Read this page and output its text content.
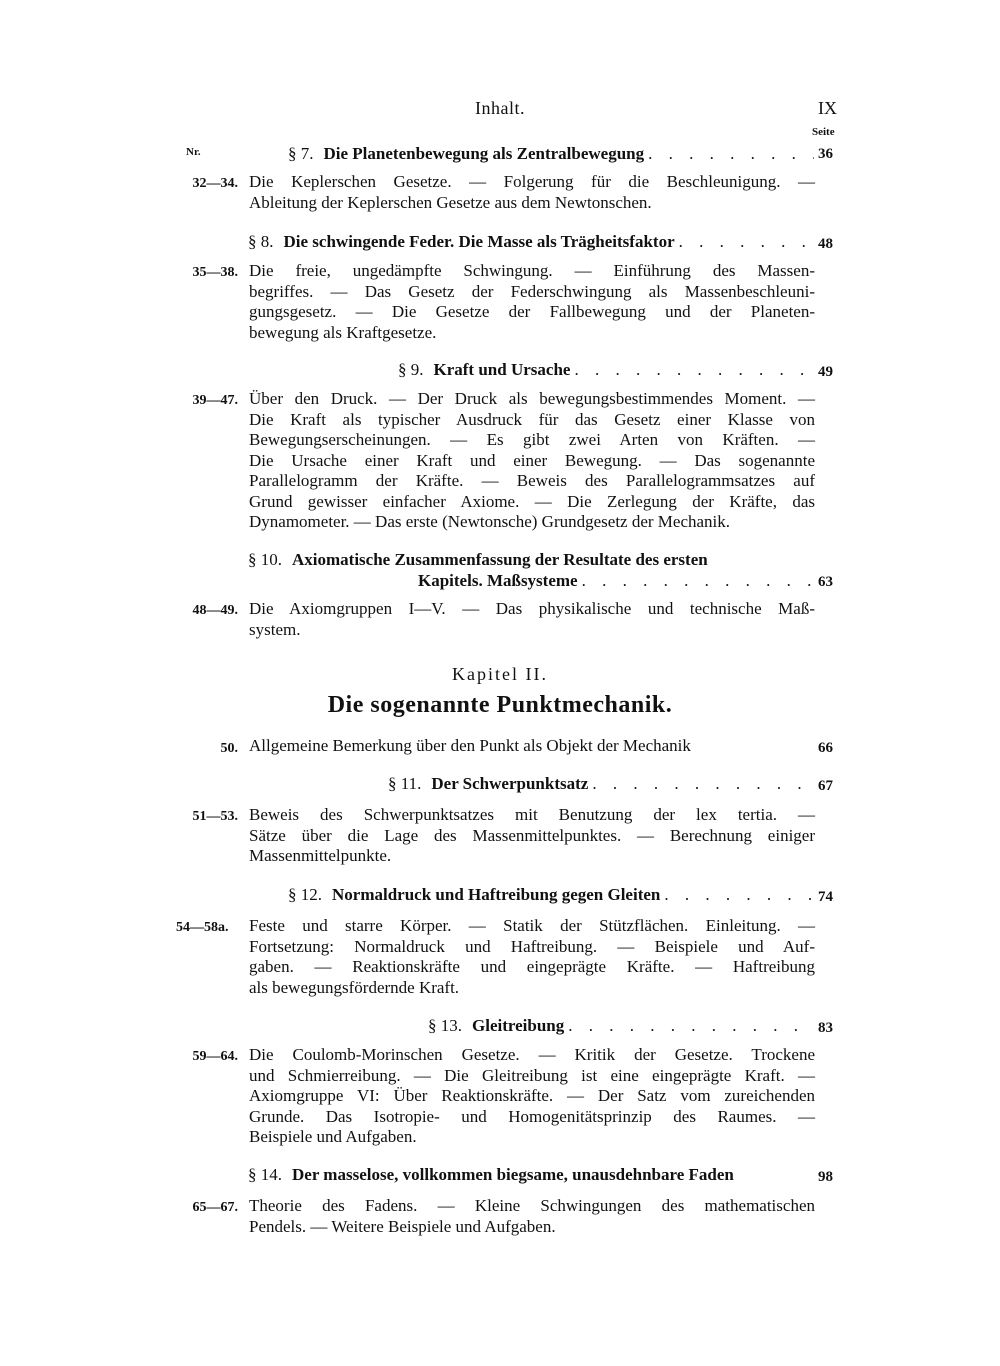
Inhalt.	IX
Seite
Nr.	§ 7. Die Planetenbewegung als Zentralbewegung . . .	36
32—34. Die Keplerschen Gesetze. — Folgerung für die Beschleunigung. —

Ableitung der Keplerschen Gesetze aus dem Newtonschen.

§ 8. Die schwingende Feder. Die Masse als Trägheitsfaktor . . .	48
35—38. Die freie, ungedämpfte Schwingung. — Einführung des Massen-

begriffes. — Das Gesetz der Federschwingung als Massenbeschleuni-

gungsgesetz. — Die Gesetze der Fallbewegung und der Planeten-

bewegung als Kraftgesetze.

§ 9. Kraft und Ursache . . .	49
39—47. Über den Druck. — Der Druck als bewegungsbestimmendes Moment. —

Die Kraft als typischer Ausdruck für das Gesetz einer Klasse von

Bewegungserscheinungen. — Es gibt zwei Arten von Kräften. —

Die Ursache einer Kraft und einer Bewegung. — Das sogenannte

Parallelogramm der Kräfte. — Beweis des Parallelogrammsatzes auf

Grund gewisser einfacher Axiome. — Die Zerlegung der Kräfte, das

Dynamometer. — Das erste (Newtonsche) Grundgesetz der Mechanik.

§ 10. Axiomatische Zusammenfassung der Resultate des ersten
Kapitels. Maßsysteme . . .	63
48—49. Die Axiomgruppen I—V. — Das physikalische und technische Maß-

system.

Kapitel II.
Die sogenannte Punktmechanik.
50. Allgemeine Bemerkung über den Punkt als Objekt der Mechanik	66
§ 11. Der Schwerpunktsatz . . .	67
51—53. Beweis des Schwerpunktsatzes mit Benutzung der lex tertia. —

Sätze über die Lage des Massenmittelpunktes. — Berechnung einiger

Massenmittelpunkte.

§ 12. Normaldruck und Haftreibung gegen Gleiten . . .	74
54—58a.	Feste und starre Körper. — Statik der Stützflächen. Einleitung. —

Fortsetzung: Normaldruck und Haftreibung. — Beispiele und Auf-

gaben. — Reaktionskräfte und eingeprägte Kräfte. — Haftreibung

als bewegungsfördernde Kraft.

§ 13. Gleitreibung . . .	83
59—64. Die Coulomb-Morinschen Gesetze. — Kritik der Gesetze. Trockene

und Schmierreibung. — Die Gleitreibung ist eine eingeprägte Kraft. —

Axiomgruppe VI: Über Reaktionskräfte. — Der Satz vom zureichenden

Grunde. Das Isotropie- und Homogenitätsprinzip des Raumes. —

Beispiele und Aufgaben.

§ 14. Der masselose, vollkommen biegsame, unausdehnbare Faden	98
65—67. Theorie des Fadens. — Kleine Schwingungen des mathematischen

Pendels. — Weitere Beispiele und Aufgaben.
